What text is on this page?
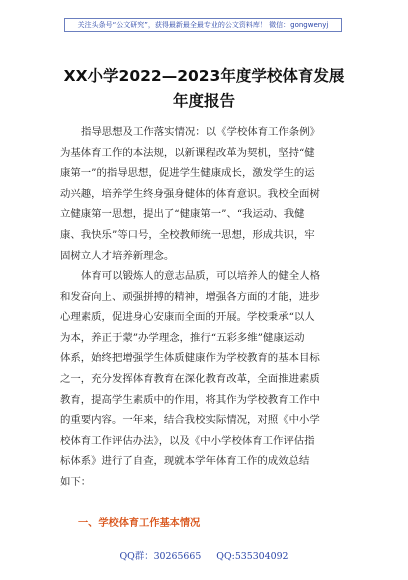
关注头条号“公文研究”，获得最新最全最专业的公文资料库！ 微信：gongwenyj
XX小学2022—2023年度学校体育发展
年度报告
指导思想及工作落实情况：以《学校体育工作条例》
为基体育工作的本法规，以新课程改革为契机，坚持“健
康第一”的指导思想，促进学生健康成长，激发学生的运
动兴趣，培养学生终身强身健体的体育意识。我校全面树
立健康第一思想，提出了“健康第一”、“我运动、我健
康、我快乐”等口号，全校教师统一思想，形成共识，牢
固树立人才培养新理念。
体育可以锻炼人的意志品质，可以培养人的健全人格
和发奋向上、顽强拼搏的精神，增强各方面的才能，进步
心理素质，促进身心安康而全面的开展。学校秉承“以人
为本，养正于蒙”办学理念，推行“五彩多维”健康运动
体系，始终把增强学生体质健康作为学校教育的基本目标
之一，充分发挥体育教育在深化教育改革，全面推进素质
教育，提高学生素质中的作用，将其作为学校教育工作中
的重要内容。一年来，结合我校实际情况，对照《中小学
校体育工作评估办法》，以及《中小学校体育工作评估指
标体系》进行了自查，现就本学年体育工作的成效总结
如下：
一、学校体育工作基本情况
QQ群：30265665 QQ:535304092
